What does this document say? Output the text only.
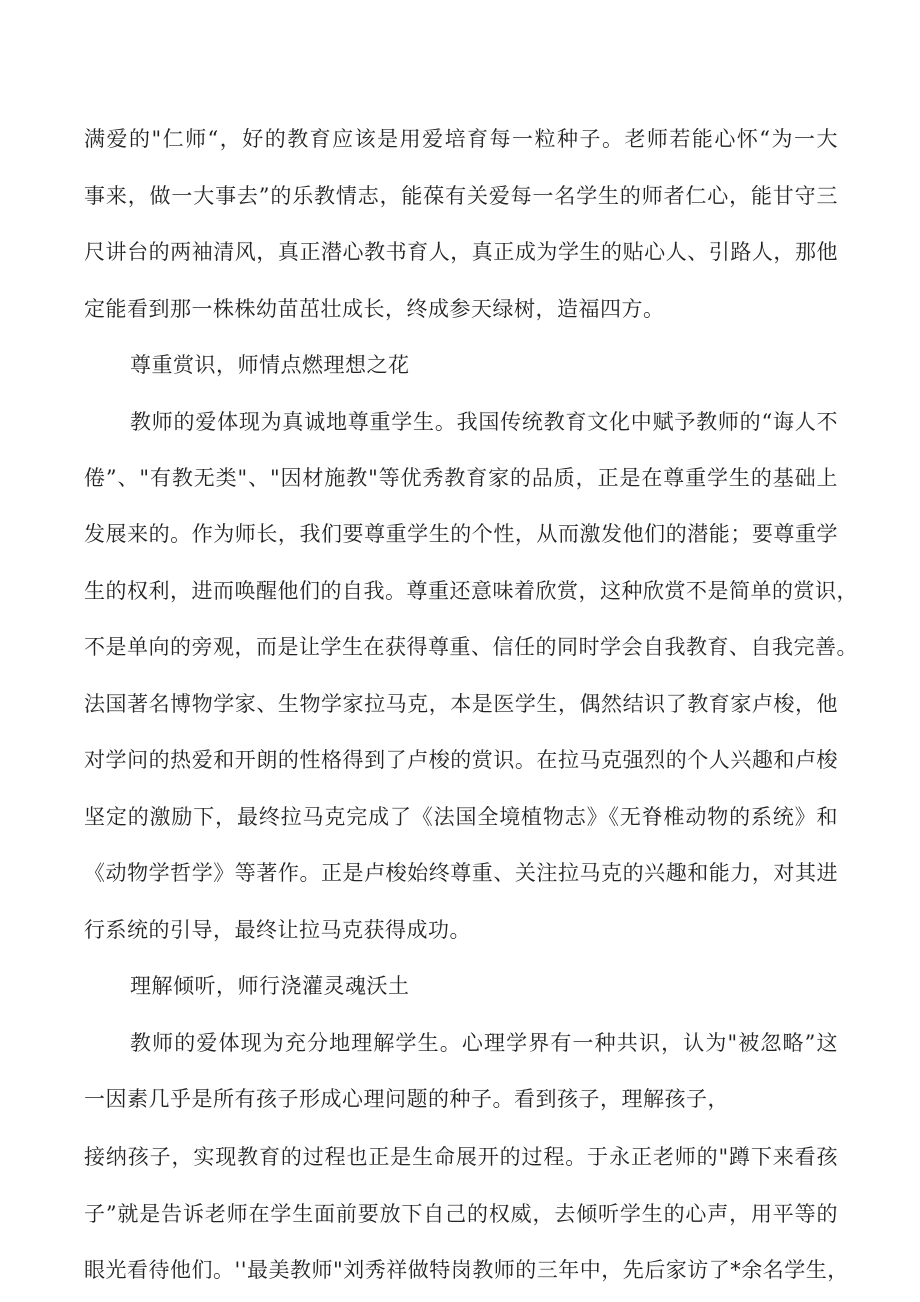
满爱的"仁师“，好的教育应该是用爱培育每一粒种子。老师若能心怀“为一大
事来，做一大事去”的乐教情志，能葆有关爱每一名学生的师者仁心，能甘守三
尺讲台的两袖清风，真正潜心教书育人，真正成为学生的贴心人、引路人，那他
定能看到那一株株幼苗茁壮成长，终成参天绿树，造福四方。
尊重赏识，师情点燃理想之花
教师的爱体现为真诚地尊重学生。我国传统教育文化中赋予教师的“诲人不
倦”、"有教无类"、"因材施教"等优秀教育家的品质，正是在尊重学生的基础上
发展来的。作为师长，我们要尊重学生的个性，从而激发他们的潜能；要尊重学
生的权利，进而唤醒他们的自我。尊重还意味着欣赏，这种欣赏不是简单的赏识，
不是单向的旁观，而是让学生在获得尊重、信任的同时学会自我教育、自我完善。
法国著名博物学家、生物学家拉马克，本是医学生，偶然结识了教育家卢梭，他
对学问的热爱和开朗的性格得到了卢梭的赏识。在拉马克强烈的个人兴趣和卢梭
坚定的激励下，最终拉马克完成了《法国全境植物志》《无脊椎动物的系统》和
《动物学哲学》等著作。正是卢梭始终尊重、关注拉马克的兴趣和能力，对其进
行系统的引导，最终让拉马克获得成功。
理解倾听，师行浇灌灵魂沃土
教师的爱体现为充分地理解学生。心理学界有一种共识，认为"被忽略”这
一因素几乎是所有孩子形成心理问题的种子。看到孩子，理解孩子，
接纳孩子，实现教育的过程也正是生命展开的过程。于永正老师的"蹲下来看孩
子”就是告诉老师在学生面前要放下自己的权威，去倾听学生的心声，用平等的
眼光看待他们。''最美教师"刘秀祥做特岗教师的三年中，先后家访了*余名学生，
